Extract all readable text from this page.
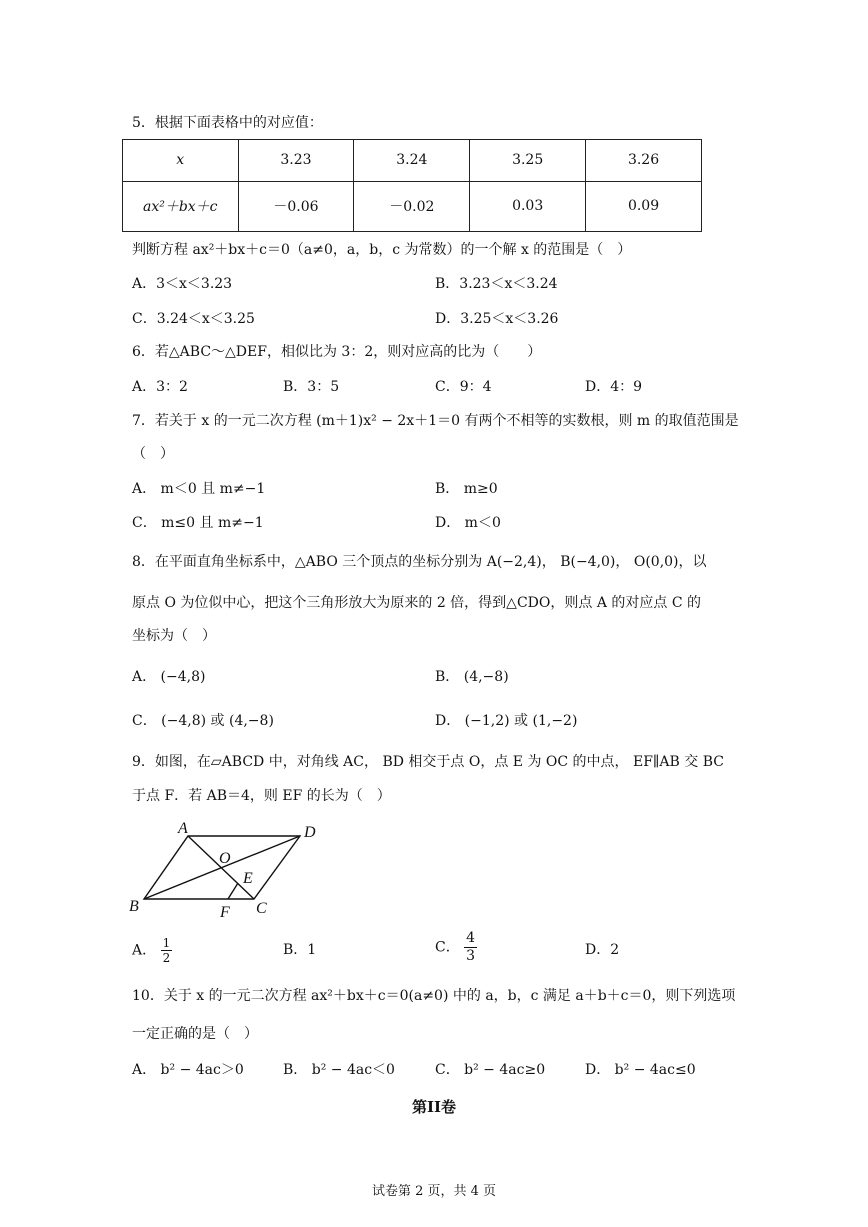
5．根据下面表格中的对应值：
x	3.23	3.24	3.25	3.26
ax²＋bx＋c	－0.06	－0.02	0.03	0.09
判断方程 ax²＋bx＋c＝0（a≠0，a，b，c 为常数）的一个解 x 的范围是（　）
A．3＜x＜3.23	B．3.23＜x＜3.24
C．3.24＜x＜3.25	D．3.25＜x＜3.26
6．若△ABC～△DEF，相似比为 3：2，则对应高的比为（　　）
A．3：2	B．3：5	C．9：4	D．4：9
7．若关于 x 的一元二次方程 (m＋1)x² − 2x＋1＝0 有两个不相等的实数根，则 m 的取值范围是
（　）
A． m＜0 且 m≠−1	B． m≥0
C． m≤0 且 m≠−1	D． m＜0
8．在平面直角坐标系中，△ABO 三个顶点的坐标分别为 A(−2,4)， B(−4,0)， O(0,0)，以
原点 O 为位似中心，把这个三角形放大为原来的 2 倍，得到△CDO，则点 A 的对应点 C 的
坐标为（　）
A． (−4,8)	B． (4,−8)
C． (−4,8) 或 (4,−8)	D． (−1,2) 或 (1,−2)
9．如图，在▱ABCD 中，对角线 AC， BD 相交于点 O，点 E 为 OC 的中点， EF∥AB 交 BC
于点 F．若 AB＝4，则 EF 的长为（　）
A	D
B	C
O
E
F
A． $\frac{1}{2}$	B．1	C． $\frac{4}{3}$	D．2
10．关于 x 的一元二次方程 ax²＋bx＋c＝0(a≠0) 中的 a，b，c 满足 a＋b＋c＝0，则下列选项
一定正确的是（　）
A． b² − 4ac＞0	B． b² − 4ac＜0	C． b² − 4ac≥0	D． b² − 4ac≤0
第II卷
试卷第 2 页，共 4 页
